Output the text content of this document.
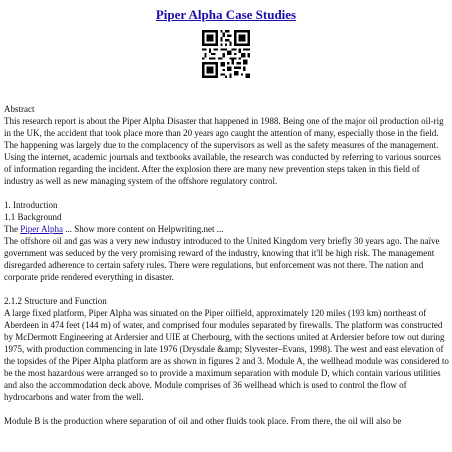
Piper Alpha Case Studies

Abstract

This research report is about the Piper Alpha Disaster that happened in 1988. Being one of the major oil production oil-rig in the UK, the accident that took place more than 20 years ago caught the attention of many, especially those in the field. The happening was largely due to the complacency of the supervisors as well as the safety measures of the management. Using the internet, academic journals and textbooks available, the research was conducted by referring to various sources of information regarding the incident. After the explosion there are many new prevention steps taken in this field of industry as well as new managing system of the offshore regulatory control.

1. Introduction

1.1 Background

The Piper Alpha ... Show more content on Helpwriting.net ...

The offshore oil and gas was a very new industry introduced to the United Kingdom very briefly 30 years ago. The naïve government was seduced by the very promising reward of the industry, knowing that it'll be high risk. The management disregarded adherence to certain safety rules. There were regulations, but enforcement was not there. The nation and corporate pride rendered everything in disaster.

2.1.2 Structure and Function

A large fixed platform, Piper Alpha was situated on the Piper oilfield, approximately 120 miles (193 km) northeast of Aberdeen in 474 feet (144 m) of water, and comprised four modules separated by firewalls. The platform was constructed by McDermott Engineering at Ardersier and UIE at Cherbourg, with the sections united at Ardersier before tow out during 1975, with production commencing in late 1976 (Drysdale &amp; Slyvester–Evans, 1998). The west and east elevation of the topsides of the Piper Alpha platform are as shown in figures 2 and 3. Module A, the wellhead module was considered to be the most hazardous were arranged so to provide a maximum separation with module D, which contain various utilities and also the accommodation deck above. Module comprises of 36 wellhead which is used to control the flow of hydrocarbons and water from the well.

Module B is the production where separation of oil and other fluids took place. From there, the oil will also be
